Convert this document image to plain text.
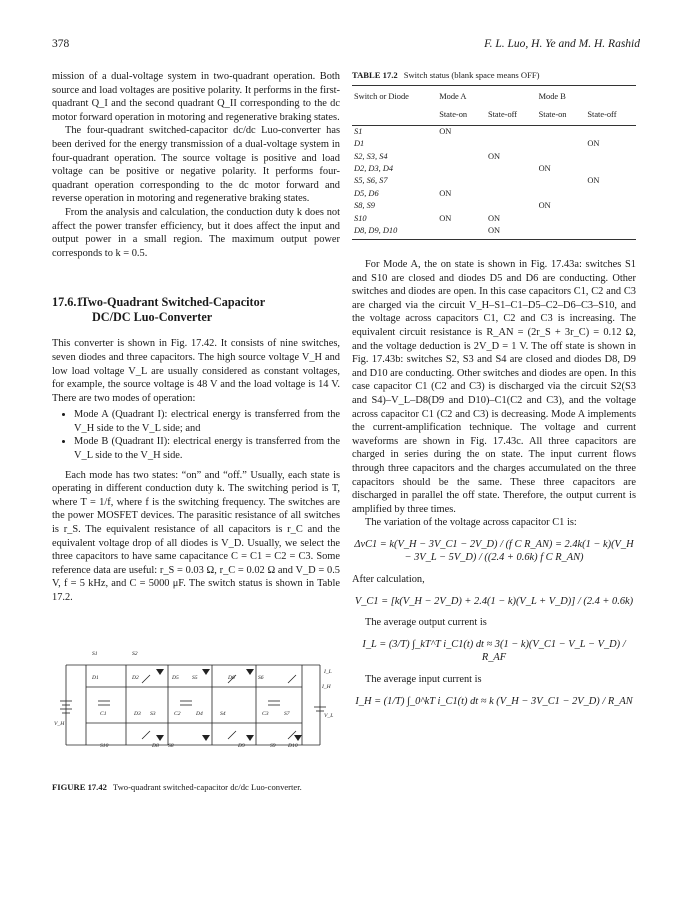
378	F. L. Luo, H. Ye and M. H. Rashid

mission of a dual-voltage system in two-quadrant operation. Both source and load voltages are positive polarity. It performs in the first-quadrant Q_I and the second quadrant Q_II corresponding to the dc motor forward operation in motoring and regenerative braking states.

The four-quadrant switched-capacitor dc/dc Luo-converter has been derived for the energy transmission of a dual-voltage system in four-quadrant operation. The source voltage is positive and load voltage can be positive or negative polarity. It performs four-quadrant operation corresponding to the dc motor forward and reverse operation in motoring and regenerative braking states.

From the analysis and calculation, the conduction duty k does not affect the power transfer efficiency, but it does affect the input and output power in a small region. The maximum output power corresponds to k = 0.5.

17.6.1 Two-Quadrant Switched-Capacitor
DC/DC Luo-Converter

This converter is shown in Fig. 17.42. It consists of nine switches, seven diodes and three capacitors. The high source voltage V_H and low load voltage V_L are usually considered as constant voltages, for example, the source voltage is 48 V and the load voltage is 14 V. There are two modes of operation:

• Mode A (Quadrant I): electrical energy is transferred from the V_H side to the V_L side; and
• Mode B (Quadrant II): electrical energy is transferred from the V_L side to the V_H side.

Each mode has two states: “on” and “off.” Usually, each state is operating in different conduction duty k. The switching period is T, where T = 1/f, where f is the switching frequency. The switches are the power MOSFET devices. The parasitic resistance of all switches is r_S. The equivalent resistance of all capacitors is r_C and the equivalent voltage drop of all diodes is V_D. Usually, we select the three capacitors to have same capacitance C = C1 = C2 = C3. Some reference data are useful: r_S = 0.03 Ω, r_C = 0.02 Ω and V_D = 0.5 V, f = 5 kHz, and C = 5000 μF. The switch status is shown in Table 17.2.

TABLE 17.2 Switch status (blank space means OFF)
Switch or Diode	Mode A		Mode B	
	State-on	State-off	State-on	State-off
S1	ON			
D1				ON
S2, S3, S4		ON		
D2, D3, D4			ON	
S5, S6, S7				ON
D5, D6	ON			
S8, S9			ON	
S10	ON	ON		
D8, D9, D10		ON		

For Mode A, the on state is shown in Fig. 17.43a: switches S1 and S10 are closed and diodes D5 and D6 are conducting. Other switches and diodes are open. In this case capacitors C1, C2 and C3 are charged via the circuit V_H–S1–C1–D5–C2–D6–C3–S10, and the voltage across capacitors C1, C2 and C3 is increasing. The equivalent circuit resistance is R_AN = (2r_S + 3r_C) = 0.12 Ω, and the voltage deduction is 2V_D = 1 V. The off state is shown in Fig. 17.43b: switches S2, S3 and S4 are closed and diodes D8, D9 and D10 are conducting. Other switches and diodes are open. In this case capacitor C1 (C2 and C3) is discharged via the circuit S2(S3 and S4)–V_L–D8(D9 and D10)–C1(C2 and C3), and the voltage across capacitor C1 (C2 and C3) is decreasing. Mode A implements the current-amplification technique. The voltage and current waveforms are shown in Fig. 17.43c. All three capacitors are charged in series during the on state. The input current flows through three capacitors and the charges accumulated on the three capacitors should be the same. These three capacitors are discharged in parallel the off state. Therefore, the output current is amplified by three times.

The variation of the voltage across capacitor C1 is:

ΔvC1 = k(V_H − 3V_C1 − 2V_D) / (f C R_AN) = 2.4k(1 − k)(V_H − 3V_L − 5V_D) / ((2.4 + 0.6k) f C R_AN)

After calculation,

V_C1 = [k(V_H − 2V_D) + 2.4(1 − k)(V_L + V_D)] / (2.4 + 0.6k)

The average output current is

I_L = (3/T) ∫_kT^T i_C1(t) dt ≈ 3(1 − k)(V_C1 − V_L − V_D) / R_AF

The average input current is

I_H = (1/T) ∫_0^kT i_C1(t) dt ≈ k (V_H − 3V_C1 − 2V_D) / R_AN
S1	S2
D1	D2	D5 S5	D6	S6
I_H
V_H
C1	D3 S3	C2	D4	S4	C3	S7	V_L
I_L
S10	D8 S8	D9	S9 D10
FIGURE 17.42 Two-quadrant switched-capacitor dc/dc Luo-converter.
